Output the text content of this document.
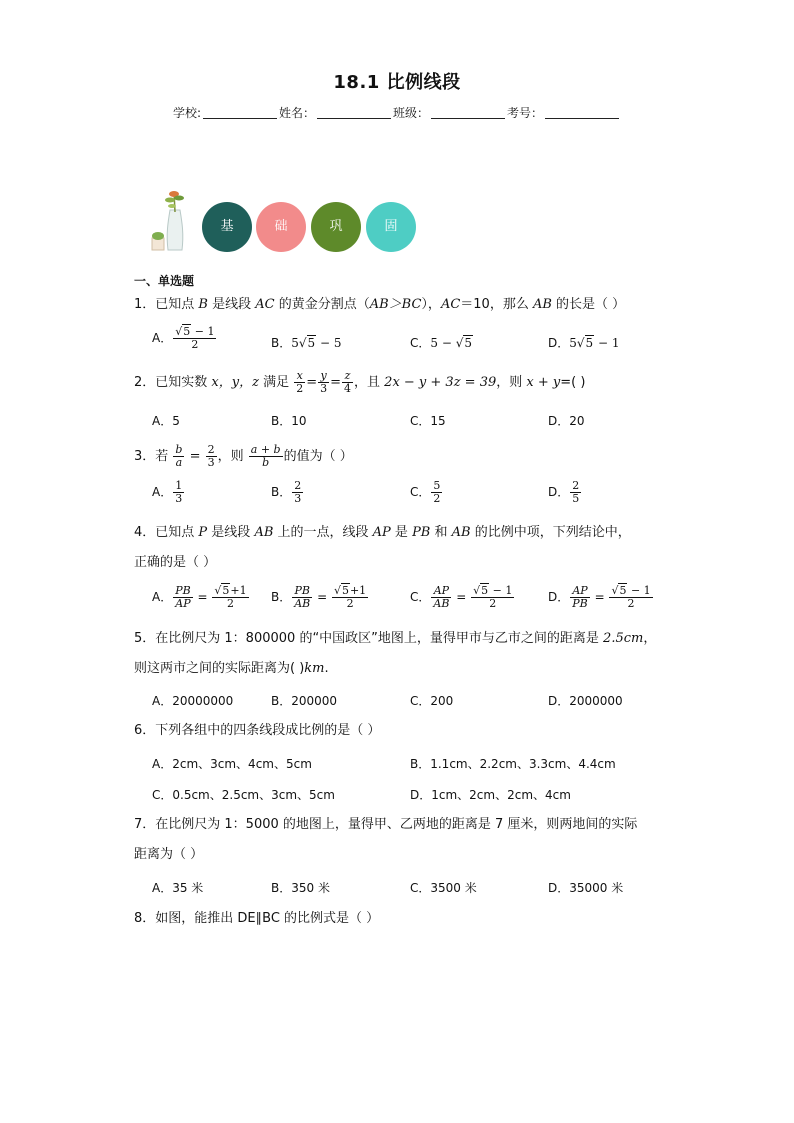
18.1 比例线段
学校:	姓名：	班级：	考号：
基	础	巩	固
一、单选题
1．已知点 B 是线段 AC 的黄金分割点（AB＞BC），AC＝10，那么 AB 的长是（ ）
A． $\frac{√5 - 1}{2}$	B．5√5 − 5	C．5 − √5	D．5√5 − 1
2．已知实数 x，y，z 满足 $\frac{x}{2} = \frac{y}{3} = \frac{z}{4}$ ，且 2x − y + 3z = 39，则 x + y=( )
A．5	B．10	C．15	D．20
3．若 $\frac{b}{a} = \frac{2}{3}$ ，则 $\frac{a + b}{b}$ 的值为（ ）
A． $\frac{1}{3}$	B． $\frac{2}{3}$	C． $\frac{5}{2}$	D． $\frac{2}{5}$
4．已知点 P 是线段 AB 上的一点，线段 AP 是 PB 和 AB 的比例中项，下列结论中，
正确的是（ ）
A． $\frac{PB}{AP} = \frac{√5+1}{2}$ B． $\frac{PB}{AB} = \frac{√5+1}{2}$	C． $\frac{AP}{AB} = \frac{√5 - 1}{2}$	D． $\frac{AP}{PB} = \frac{√5 - 1}{2}$
5．在比例尺为 1：800000 的“中国政区”地图上，量得甲市与乙市之间的距离是 2.5cm，
则这两市之间的实际距离为( )km.
A．20000000	B．200000	C．200	D．2000000
6．下列各组中的四条线段成比例的是（ ）
A．2cm、3cm、4cm、5cm	B．1.1cm、2.2cm、3.3cm、4.4cm
C．0.5cm、2.5cm、3cm、5cm	D．1cm、2cm、2cm、4cm
7．在比例尺为 1：5000 的地图上，量得甲、乙两地的距离是 7 厘米，则两地间的实际
距离为（ ）
A．35 米	B．350 米	C．3500 米	D．35000 米
8．如图，能推出 DE∥BC 的比例式是（ ）
